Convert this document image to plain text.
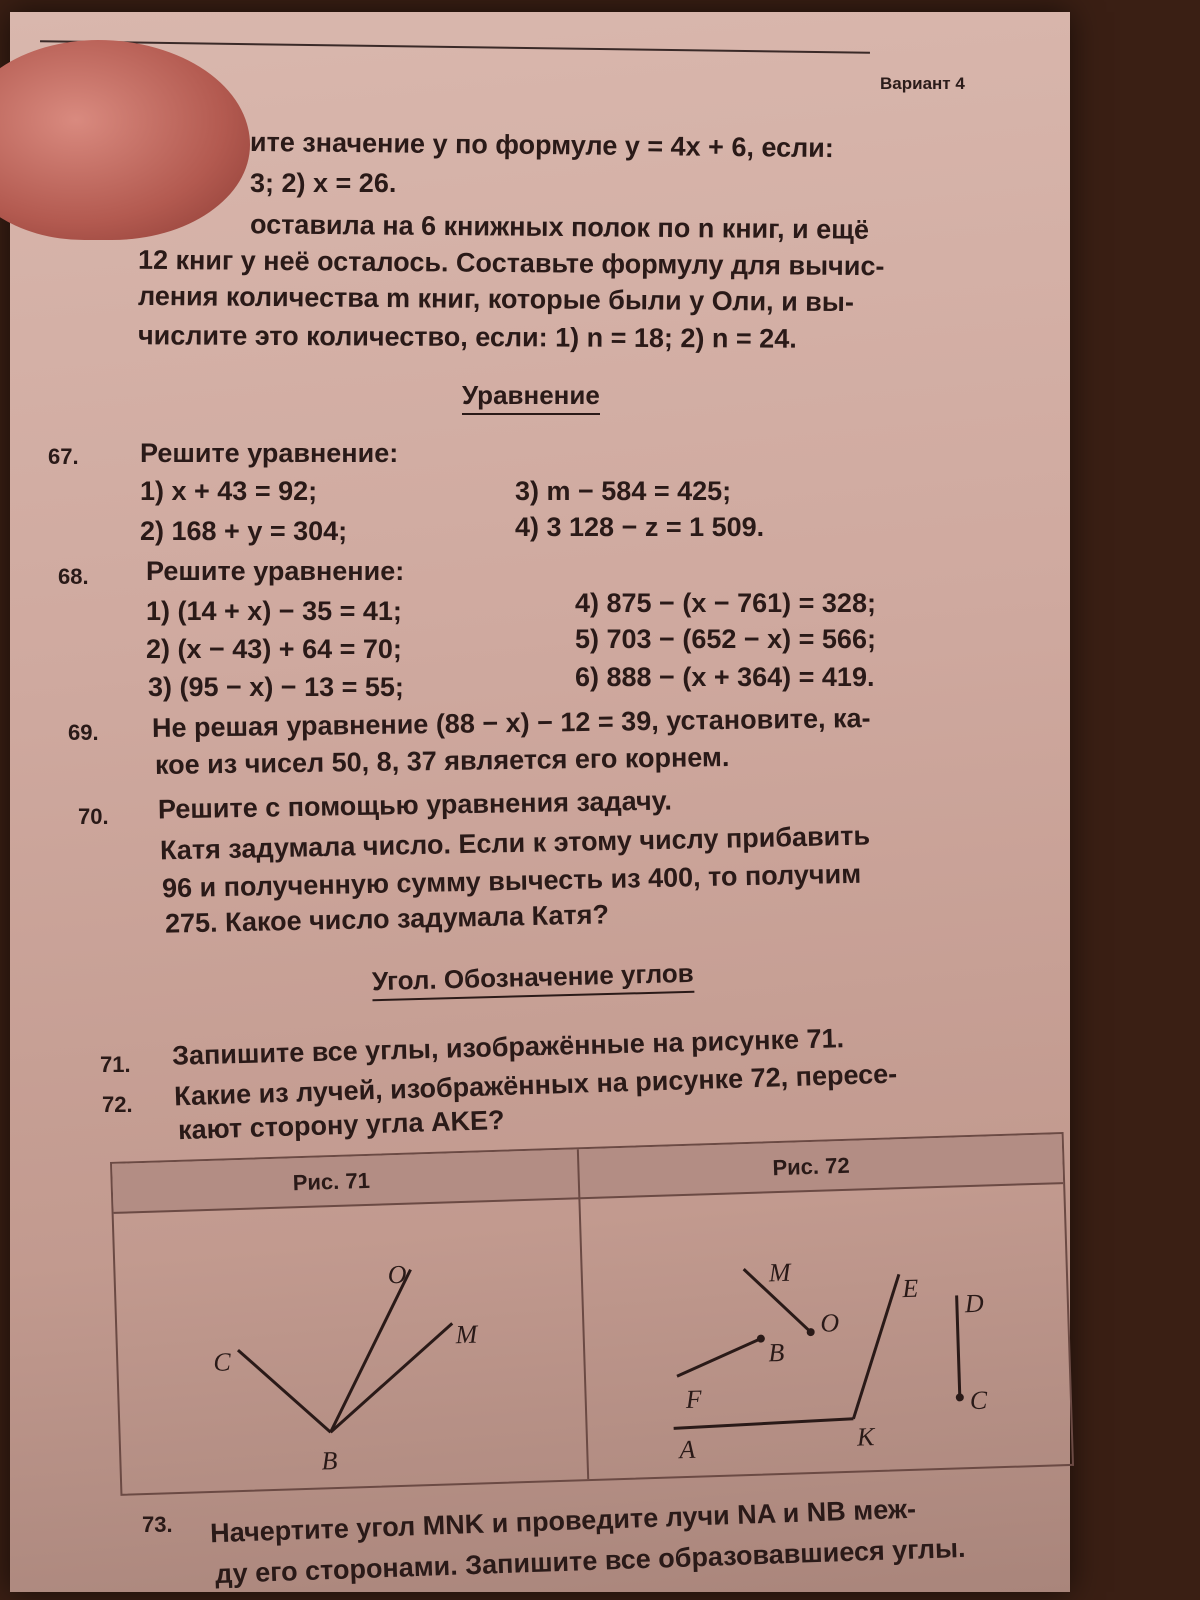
Вариант 4
ите значение y по формуле y = 4x + 6, если:
3; 2) x = 26.
оставила на 6 книжных полок по n книг, и ещё
12 книг у неё осталось. Составьте формулу для вычис-
ления количества m книг, которые были у Оли, и вы-
числите это количество, если: 1) n = 18; 2) n = 24.
Уравнение
67. Решите уравнение:
1) x + 43 = 92;	3) m − 584 = 425;
2) 168 + y = 304;	4) 3 128 − z = 1 509.
68. Решите уравнение:
1) (14 + x) − 35 = 41;	4) 875 − (x − 761) = 328;
2) (x − 43) + 64 = 70;	5) 703 − (652 − x) = 566;
3) (95 − x) − 13 = 55;	6) 888 − (x + 364) = 419.
69. Не решая уравнение (88 − x) − 12 = 39, установите, ка-
кое из чисел 50, 8, 37 является его корнем.
70. Решите с помощью уравнения задачу.
Катя задумала число. Если к этому числу прибавить
96 и полученную сумму вычесть из 400, то получим
275. Какое число задумала Катя?
Угол. Обозначение углов
71. Запишите все углы, изображённые на рисунке 71.
72. Какие из лучей, изображённых на рисунке 72, пересе-
кают сторону угла AKE?
Рис. 71
Рис. 72
C
O
M
B
M
O
B
F
A	K
E
D
C
73. Начертите угол MNK и проведите лучи NA и NB меж-
ду его сторонами. Запишите все образовавшиеся углы.
